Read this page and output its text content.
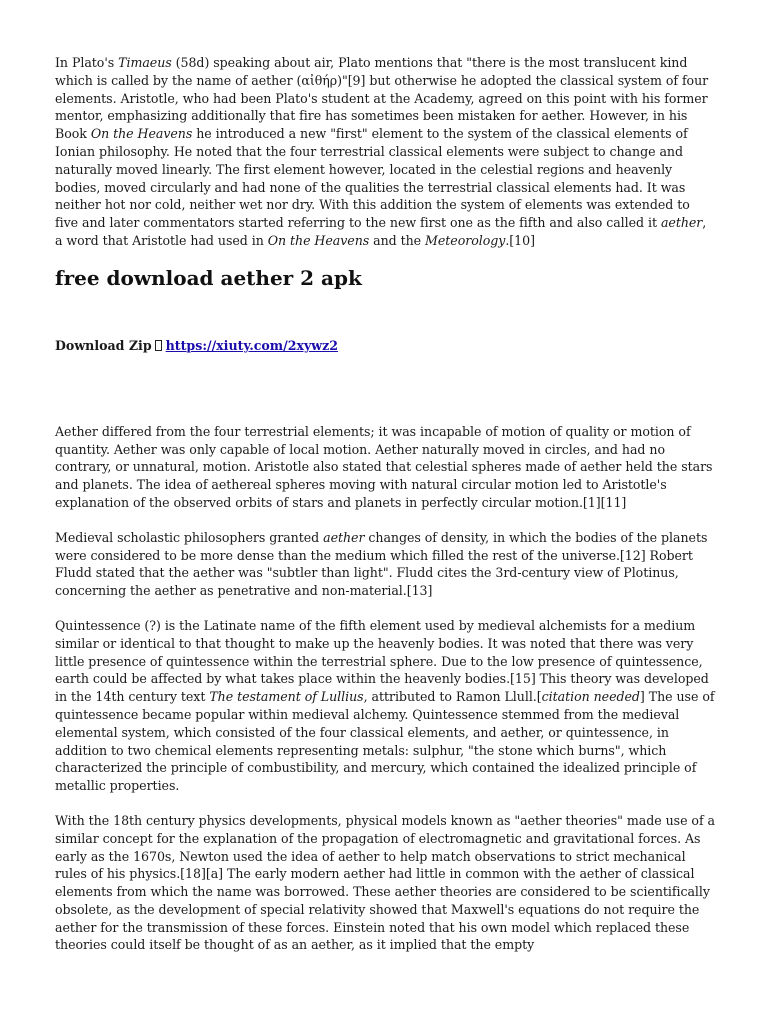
In Plato's Timaeus (58d) speaking about air, Plato mentions that "there is the most translucent kind which is called by the name of aether (αἰθήρ)"[9] but otherwise he adopted the classical system of four elements. Aristotle, who had been Plato's student at the Academy, agreed on this point with his former mentor, emphasizing additionally that fire has sometimes been mistaken for aether. However, in his Book On the Heavens he introduced a new "first" element to the system of the classical elements of Ionian philosophy. He noted that the four terrestrial classical elements were subject to change and naturally moved linearly. The first element however, located in the celestial regions and heavenly bodies, moved circularly and had none of the qualities the terrestrial classical elements had. It was neither hot nor cold, neither wet nor dry. With this addition the system of elements was extended to five and later commentators started referring to the new first one as the fifth and also called it aether, a word that Aristotle had used in On the Heavens and the Meteorology.[10]

free download aether 2 apk
Download Zip https://xiuty.com/2xywz2

Aether differed from the four terrestrial elements; it was incapable of motion of quality or motion of quantity. Aether was only capable of local motion. Aether naturally moved in circles, and had no contrary, or unnatural, motion. Aristotle also stated that celestial spheres made of aether held the stars and planets. The idea of aethereal spheres moving with natural circular motion led to Aristotle's explanation of the observed orbits of stars and planets in perfectly circular motion.[1][11]

Medieval scholastic philosophers granted aether changes of density, in which the bodies of the planets were considered to be more dense than the medium which filled the rest of the universe.[12] Robert Fludd stated that the aether was "subtler than light". Fludd cites the 3rd-century view of Plotinus, concerning the aether as penetrative and non-material.[13]

Quintessence (?) is the Latinate name of the fifth element used by medieval alchemists for a medium similar or identical to that thought to make up the heavenly bodies. It was noted that there was very little presence of quintessence within the terrestrial sphere. Due to the low presence of quintessence, earth could be affected by what takes place within the heavenly bodies.[15] This theory was developed in the 14th century text The testament of Lullius, attributed to Ramon Llull.[citation needed] The use of quintessence became popular within medieval alchemy. Quintessence stemmed from the medieval elemental system, which consisted of the four classical elements, and aether, or quintessence, in addition to two chemical elements representing metals: sulphur, "the stone which burns", which characterized the principle of combustibility, and mercury, which contained the idealized principle of metallic properties.

With the 18th century physics developments, physical models known as "aether theories" made use of a similar concept for the explanation of the propagation of electromagnetic and gravitational forces. As early as the 1670s, Newton used the idea of aether to help match observations to strict mechanical rules of his physics.[18][a] The early modern aether had little in common with the aether of classical elements from which the name was borrowed. These aether theories are considered to be scientifically obsolete, as the development of special relativity showed that Maxwell's equations do not require the aether for the transmission of these forces. Einstein noted that his own model which replaced these theories could itself be thought of as an aether, as it implied that the empty
